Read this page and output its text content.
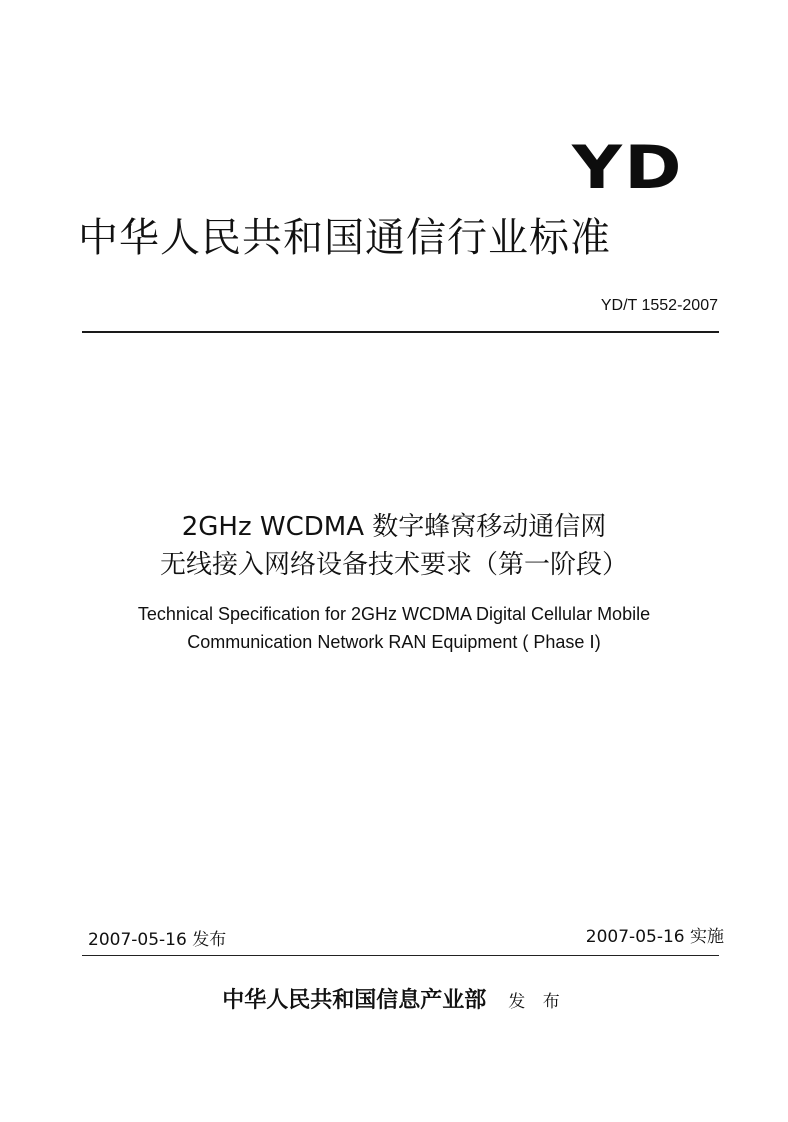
YD
中华人民共和国通信行业标准
YD/T 1552-2007
2GHz WCDMA 数字蜂窝移动通信网
无线接入网络设备技术要求（第一阶段）
Technical Specification for 2GHz WCDMA Digital Cellular Mobile
Communication Network RAN Equipment ( Phase Ⅰ)
2007-05-16 发布	2007-05-16 实施
中华人民共和国信息产业部 发 布
